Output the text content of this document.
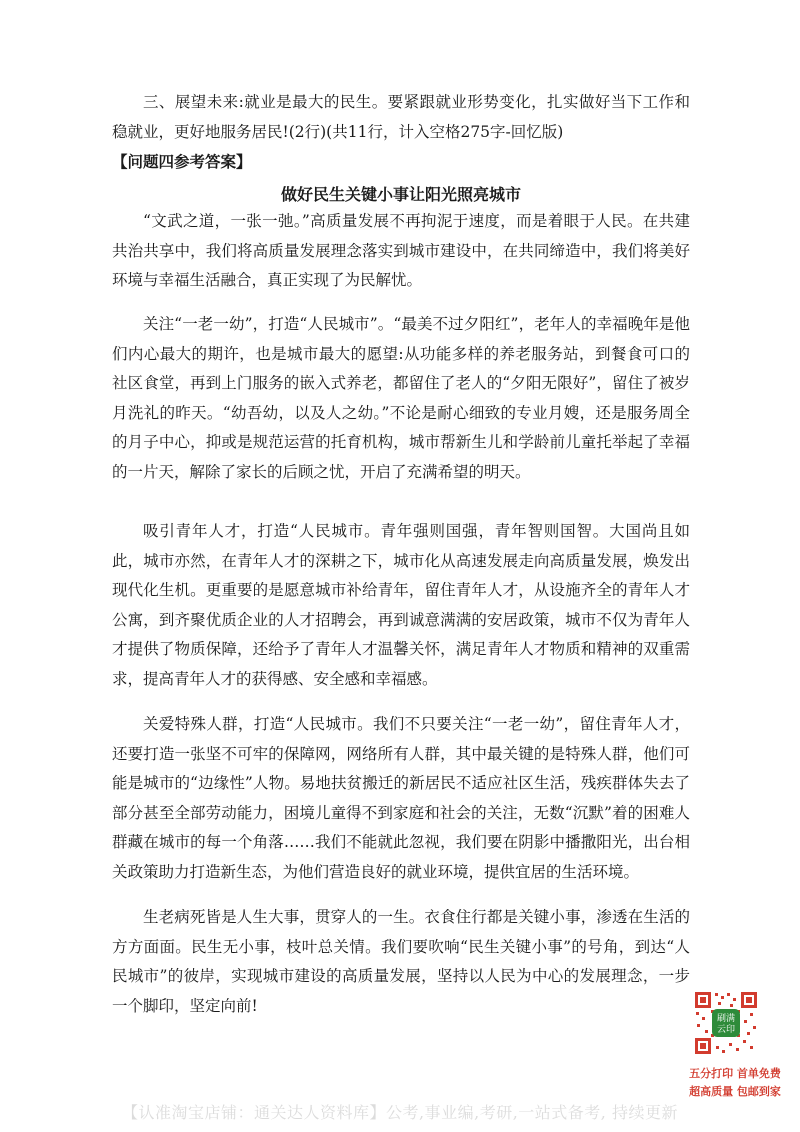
三、展望未来:就业是最大的民生。要紧跟就业形势变化，扎实做好当下工作和稳就业，更好地服务居民!(2行)(共11行，计入空格275字-回忆版)

【问题四参考答案】
做好民生关键小事让阳光照亮城市

“文武之道，一张一弛。”高质量发展不再拘泥于速度，而是着眼于人民。在共建共治共享中，我们将高质量发展理念落实到城市建设中，在共同缔造中，我们将美好环境与幸福生活融合，真正实现了为民解忧。

关注“一老一幼”，打造“人民城市”。“最美不过夕阳红”，老年人的幸福晚年是他们内心最大的期许，也是城市最大的愿望:从功能多样的养老服务站，到餐食可口的社区食堂，再到上门服务的嵌入式养老，都留住了老人的“夕阳无限好”，留住了被岁月洗礼的昨天。“幼吾幼，以及人之幼。”不论是耐心细致的专业月嫂，还是服务周全的月子中心，抑或是规范运营的托育机构，城市帮新生儿和学龄前儿童托举起了幸福的一片天，解除了家长的后顾之忧，开启了充满希望的明天。

吸引青年人才，打造“人民城市。青年强则国强，青年智则国智。大国尚且如此，城市亦然，在青年人才的深耕之下，城市化从高速发展走向高质量发展，焕发出现代化生机。更重要的是愿意城市补给青年，留住青年人才，从设施齐全的青年人才公寓，到齐聚优质企业的人才招聘会，再到诚意满满的安居政策，城市不仅为青年人才提供了物质保障，还给予了青年人才温馨关怀，满足青年人才物质和精神的双重需求，提高青年人才的获得感、安全感和幸福感。

关爱特殊人群，打造“人民城市。我们不只要关注“一老一幼”，留住青年人才，还要打造一张坚不可牢的保障网，网络所有人群，其中最关键的是特殊人群，他们可能是城市的“边缘性”人物。易地扶贫搬迁的新居民不适应社区生活，残疾群体失去了部分甚至全部劳动能力，困境儿童得不到家庭和社会的关注，无数“沉默”着的困难人群藏在城市的每一个角落……我们不能就此忽视，我们要在阴影中播撒阳光，出台相关政策助力打造新生态，为他们营造良好的就业环境，提供宜居的生活环境。

生老病死皆是人生大事，贯穿人的一生。衣食住行都是关键小事，渗透在生活的方方面面。民生无小事，枝叶总关情。我们要吹响“民生关键小事”的号角，到达“人民城市”的彼岸，实现城市建设的高质量发展，坚持以人民为中心的发展理念，一步一个脚印，坚定向前!

刷满
云印
五分打印 首单免费
超高质量 包邮到家
【认准淘宝店铺：通关达人资料库】公考,事业编,考研,一站式备考, 持续更新
